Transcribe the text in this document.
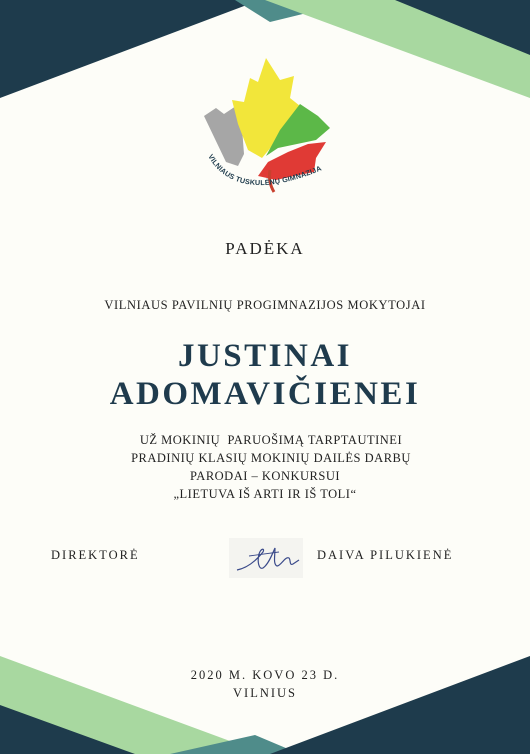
VILNIAUS TUSKULĖNŲ GIMNAZIJA
PADĖKA
VILNIAUS PAVILNIŲ PROGIMNAZIJOS MOKYTOJAI
JUSTINAI
ADOMAVIČIENEI
UŽ MOKINIŲ  PARUOŠIMĄ TARPTAUTINEI
PRADINIŲ KLASIŲ MOKINIŲ DAILĖS DARBŲ
PARODAI – KONKURSUI
„LIETUVA IŠ ARTI IR IŠ TOLI“
DIREKTORĖ	DAIVA PILUKIENĖ
2020 M. KOVO 23 D.
VILNIUS
